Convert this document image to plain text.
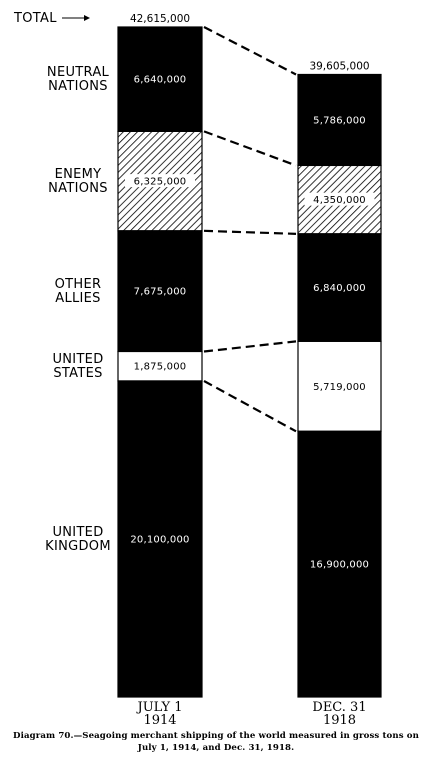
6,640,000
6,325,000
7,675,000
1,875,000
20,100,000
42,615,000
JULY 1
1914
5,786,000
4,350,000
6,840,000
5,719,000
16,900,000
39,605,000
DEC. 31
1918
NEUTRAL
NATIONS
ENEMY
NATIONS
OTHER
ALLIES
UNITED
STATES
UNITED
KINGDOM
TOTAL
Diagram 70.—Seagoing merchant shipping of the world measured in gross tons on July 1, 1914, and Dec. 31, 1918.
